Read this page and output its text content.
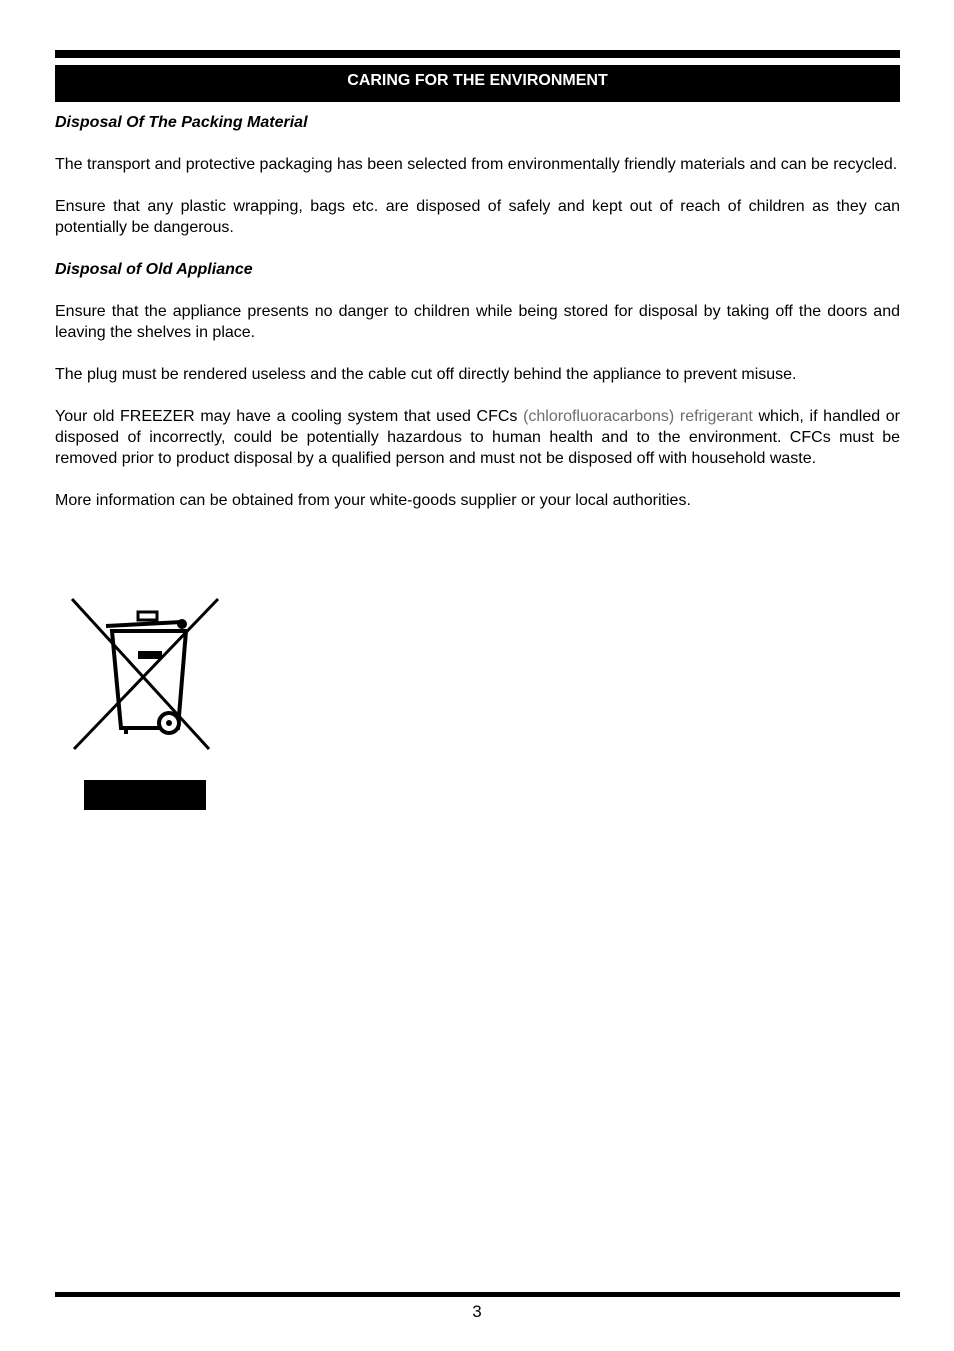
CARING FOR THE ENVIRONMENT
Disposal Of The Packing Material

The transport and protective packaging has been selected from environmentally friendly materials and can be recycled.

Ensure that any plastic wrapping, bags etc. are disposed of safely and kept out of reach of children as they can potentially be dangerous.

Disposal of Old Appliance

Ensure that the appliance presents no danger to children while being stored for disposal by taking off the doors and leaving the shelves in place.

The plug must be rendered useless and the cable cut off directly behind the appliance to prevent misuse.

Your old FREEZER may have a cooling system that used CFCs (chlorofluoracarbons) refrigerant which, if handled or disposed of incorrectly, could be potentially hazardous to human health and to the environment. CFCs must be removed prior to product disposal by a qualified person and must not be disposed off with household waste.

More information can be obtained from your white-goods supplier or your local authorities.

3
